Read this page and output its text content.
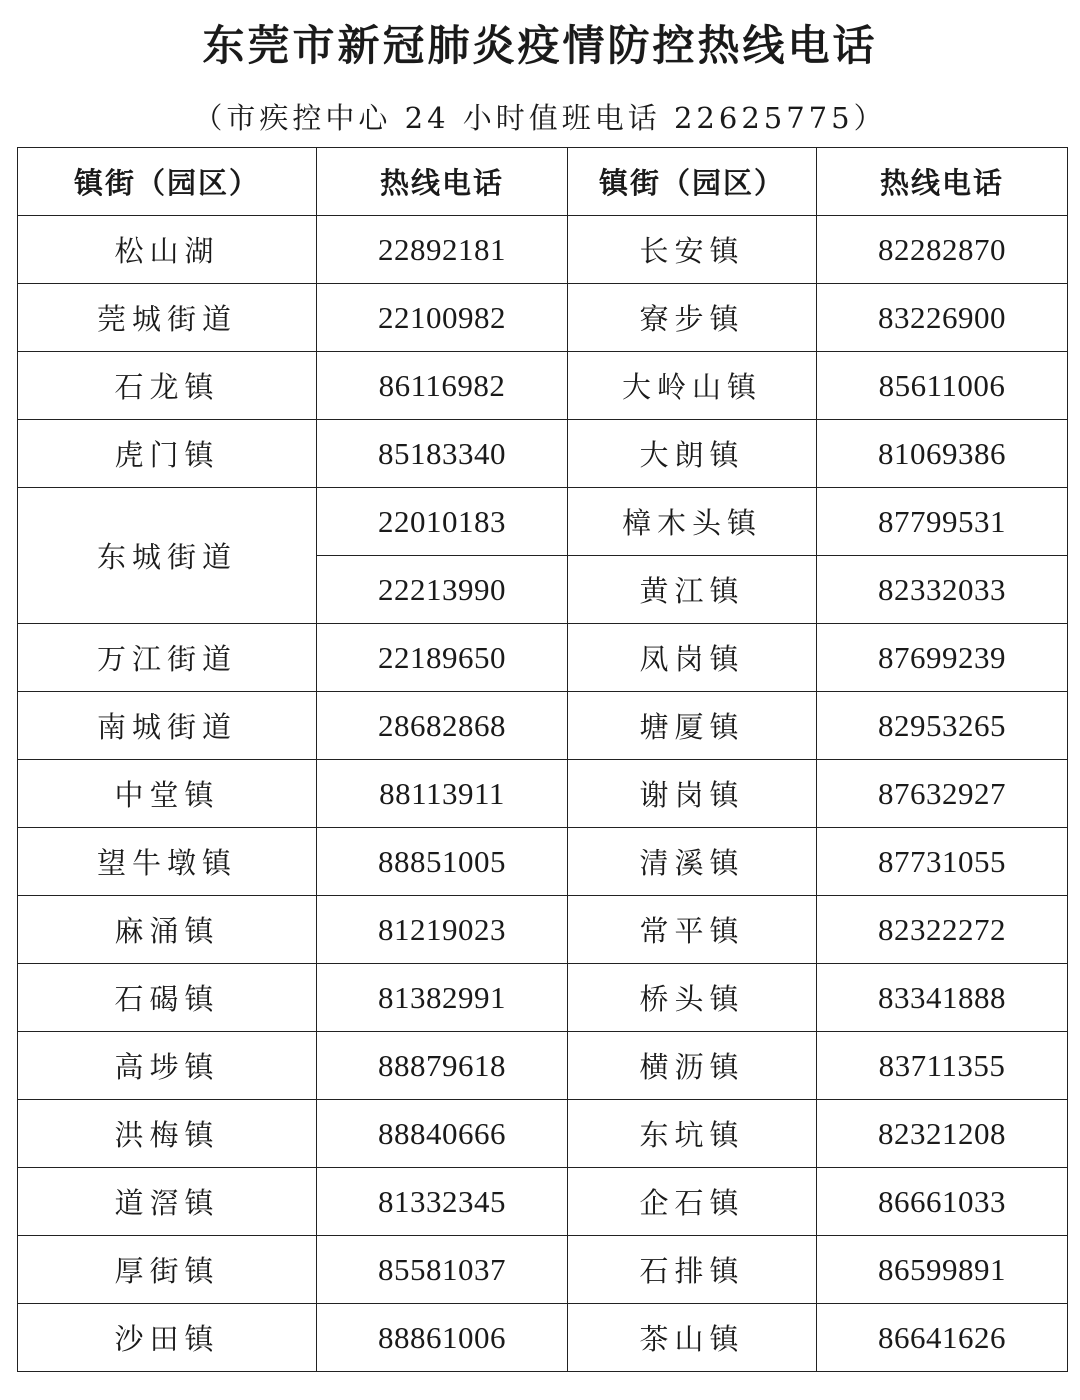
东莞市新冠肺炎疫情防控热线电话
（市疾控中心 24 小时值班电话 22625775）
镇街（园区）	热线电话	镇街（园区）	热线电话
松山湖	22892181	长安镇	82282870
莞城街道	22100982	寮步镇	83226900
石龙镇	86116982	大岭山镇	85611006
虎门镇	85183340	大朗镇	81069386
东城街道	22010183	樟木头镇	87799531
	22213990	黄江镇	82332033
万江街道	22189650	凤岗镇	87699239
南城街道	28682868	塘厦镇	82953265
中堂镇	88113911	谢岗镇	87632927
望牛墩镇	88851005	清溪镇	87731055
麻涌镇	81219023	常平镇	82322272
石碣镇	81382991	桥头镇	83341888
高埗镇	88879618	横沥镇	83711355
洪梅镇	88840666	东坑镇	82321208
道滘镇	81332345	企石镇	86661033
厚街镇	85581037	石排镇	86599891
沙田镇	88861006	茶山镇	86641626
